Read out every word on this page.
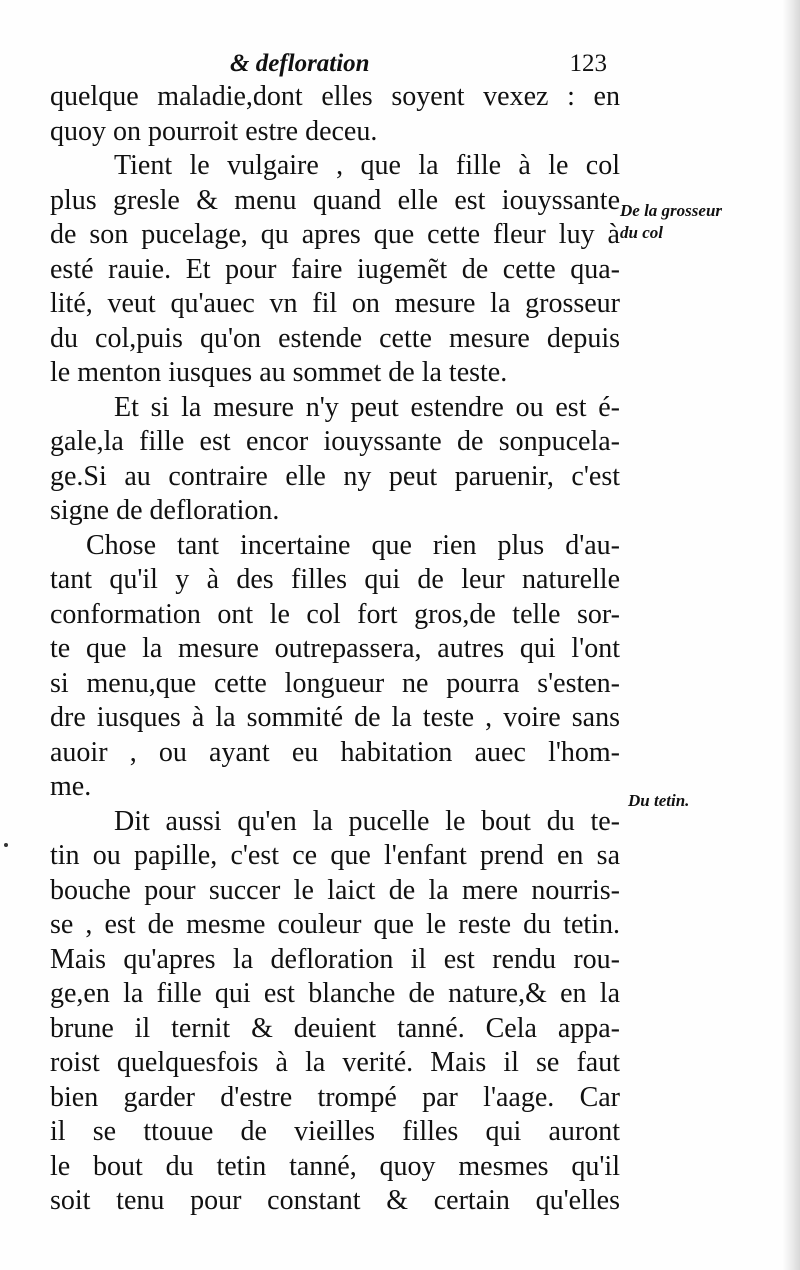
& defloration	123
quelque maladie,dont elles soyent vexez : en
quoy on pourroit estre deceu.
Tient le vulgaire , que la fille à le col
plus gresle & menu quand elle est iouyssante
de son pucelage, qu apres que cette fleur luy à
esté rauie. Et pour faire iugemẽt de cette qua-
lité, veut qu'auec vn fil on mesure la grosseur
du col,puis qu'on estende cette mesure depuis
le menton iusques au sommet de la teste.
Et si la mesure n'y peut estendre ou est é-
gale,la fille est encor iouyssante de sonpucela-
ge.Si au contraire elle ny peut paruenir, c'est
signe de defloration.
Chose tant incertaine que rien plus d'au-
tant qu'il y à des filles qui de leur naturelle
conformation ont le col fort gros,de telle sor-
te que la mesure outrepassera, autres qui l'ont
si menu,que cette longueur ne pourra s'esten-
dre iusques à la sommité de la teste , voire sans
auoir , ou ayant eu habitation auec l'hom-
me.
Dit aussi qu'en la pucelle le bout du te-
tin ou papille, c'est ce que l'enfant prend en sa
bouche pour succer le laict de la mere nourris-
se , est de mesme couleur que le reste du tetin.
Mais qu'apres la defloration il est rendu rou-
ge,en la fille qui est blanche de nature,& en la
brune il ternit & deuient tanné. Cela appa-
roist quelquesfois à la verité. Mais il se faut
bien garder d'estre trompé par l'aage. Car
il se ttouue de vieilles filles qui auront
le bout du tetin tanné, quoy mesmes qu'il
soit tenu pour constant & certain qu'elles
De la grosseur du col
Du tetin.
